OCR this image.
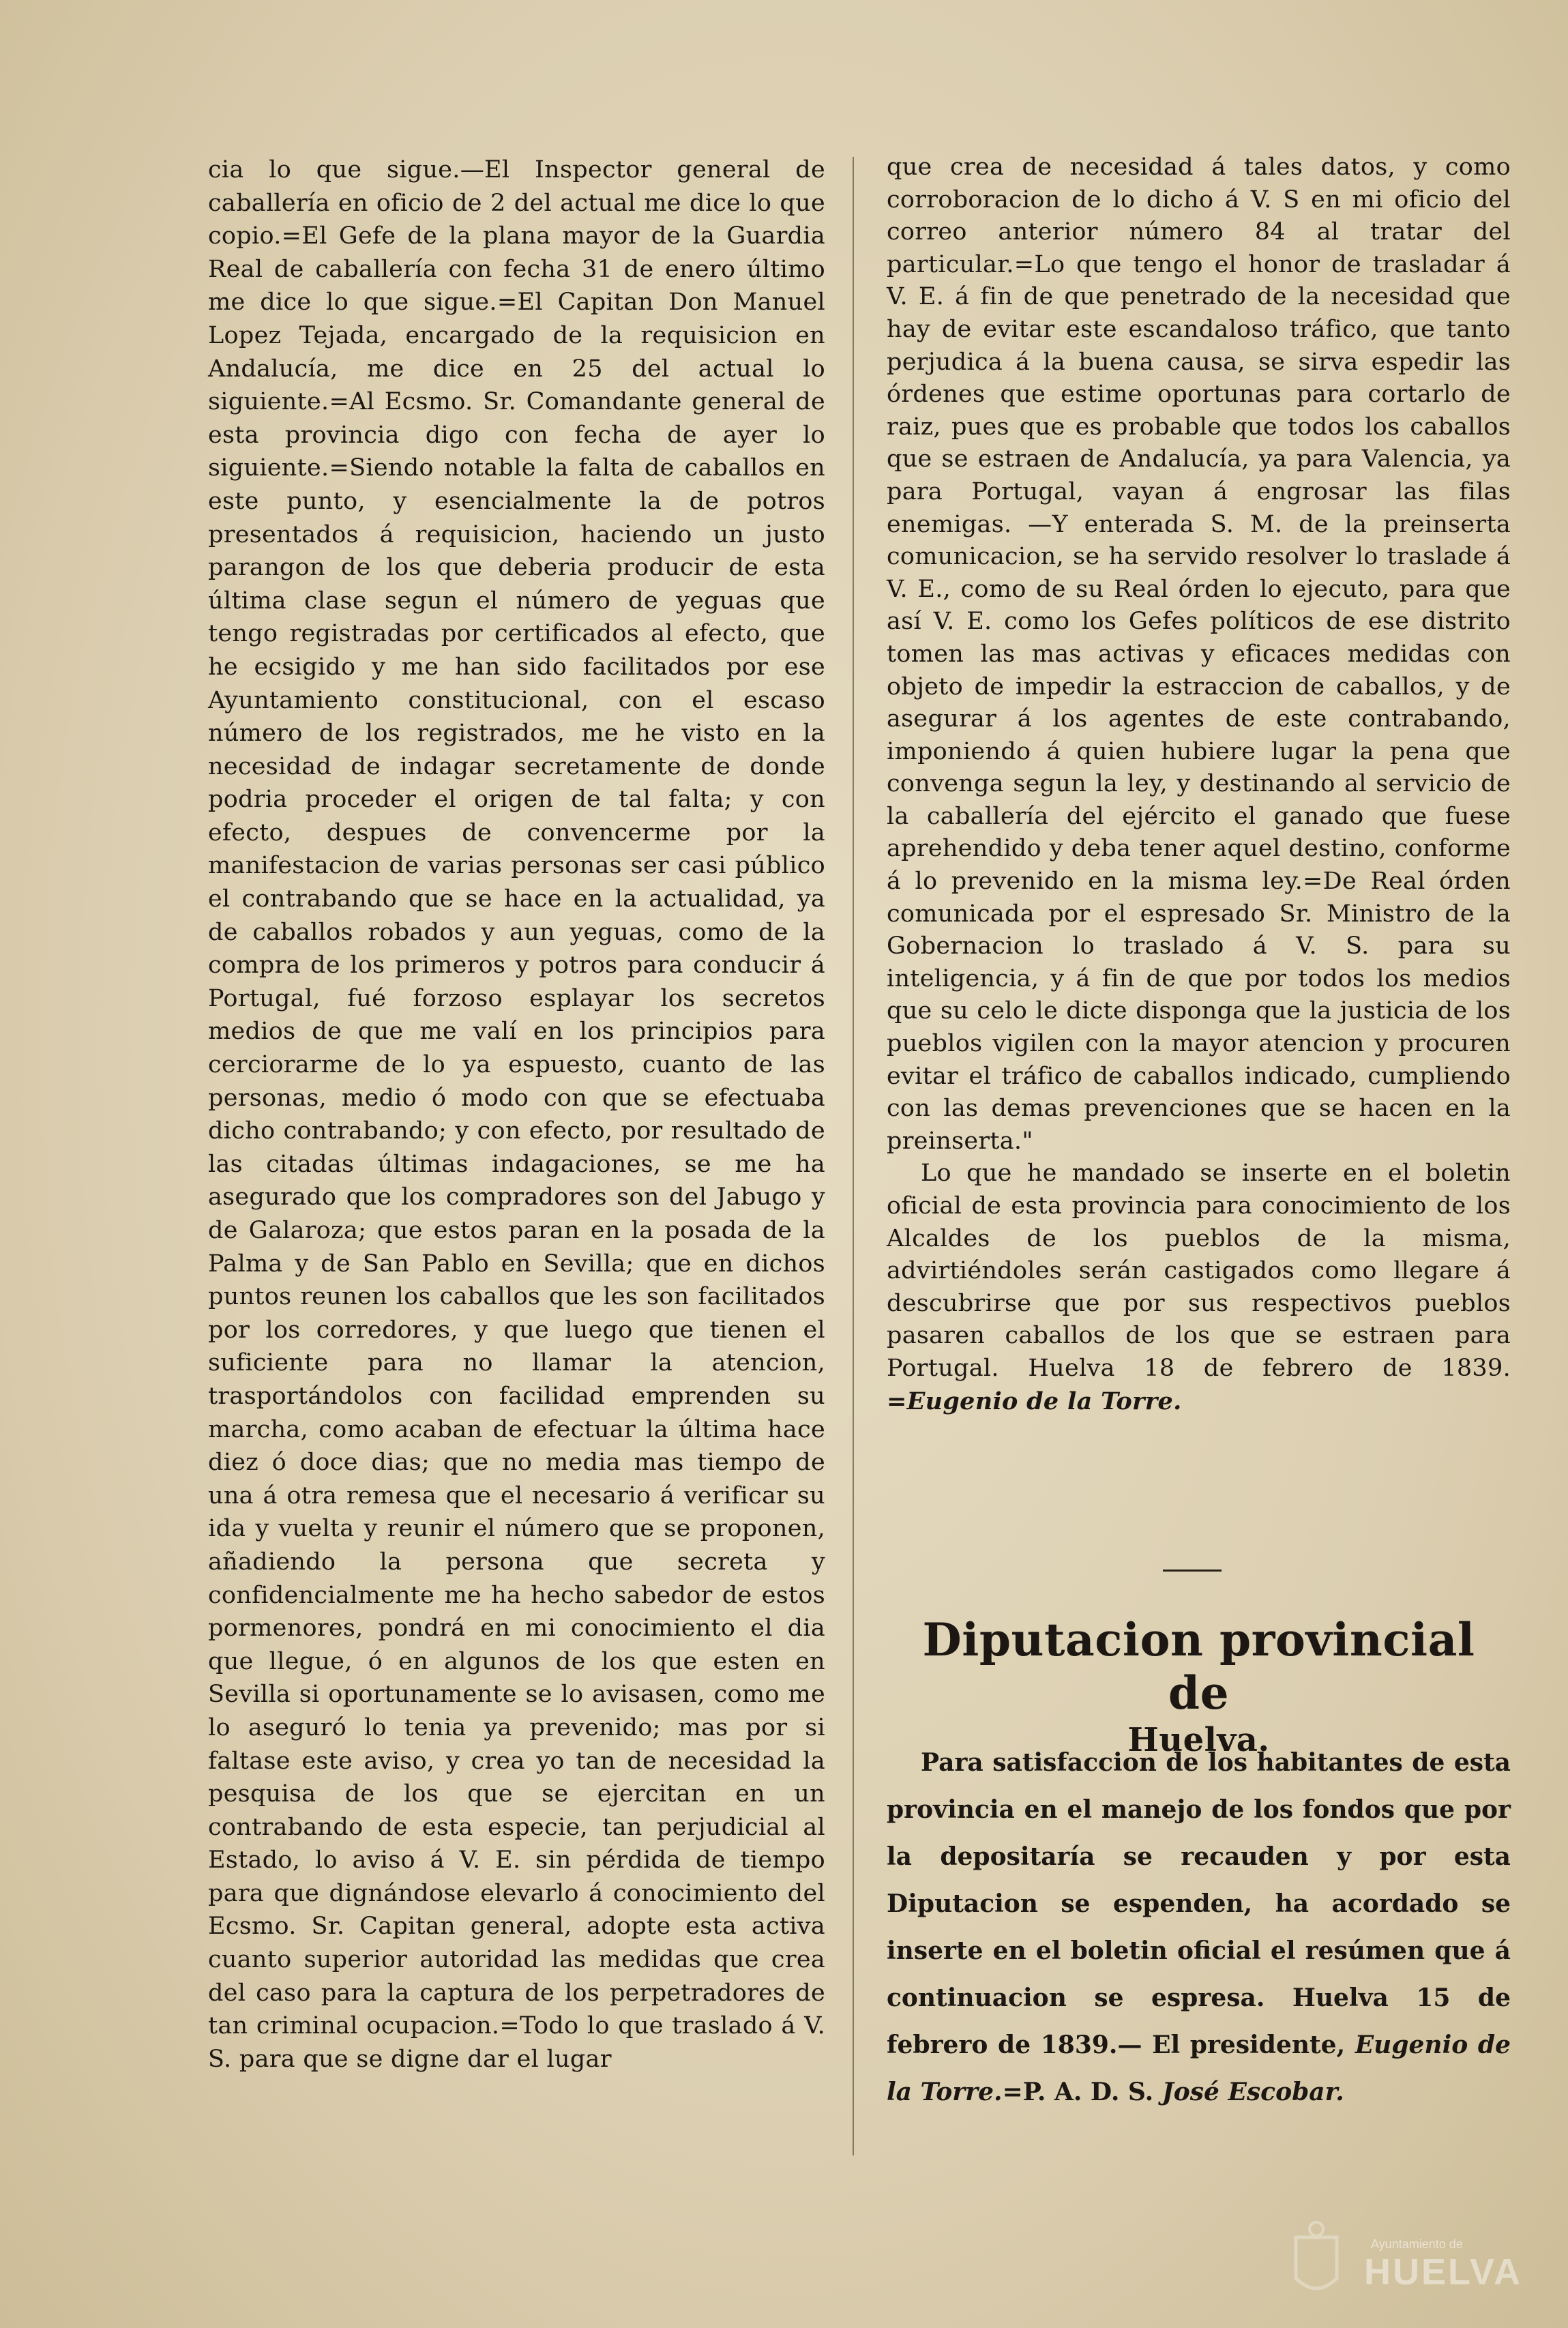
cia lo que sigue.—El Inspector general de caballería en oficio de 2 del actual me dice lo que copio.=El Gefe de la plana mayor de la Guardia Real de caballería con fecha 31 de enero último me dice lo que sigue.=El Capitan Don Manuel Lopez Tejada, encargado de la requisicion en Andalucía, me dice en 25 del actual lo siguiente.=Al Ecsmo. Sr. Comandante general de esta provincia digo con fecha de ayer lo siguiente.=Siendo notable la falta de caballos en este punto, y esencialmente la de potros presentados á requisicion, haciendo un justo parangon de los que deberia producir de esta última clase segun el número de yeguas que tengo registradas por certificados al efecto, que he ecsigido y me han sido facilitados por ese Ayuntamiento constitucional, con el escaso número de los registrados, me he visto en la necesidad de indagar secretamente de donde podria proceder el origen de tal falta; y con efecto, despues de convencerme por la manifestacion de varias personas ser casi público el contrabando que se hace en la actualidad, ya de caballos robados y aun yeguas, como de la compra de los primeros y potros para conducir á Portugal, fué forzoso esplayar los secretos medios de que me valí en los principios para cerciorarme de lo ya espuesto, cuanto de las personas, medio ó modo con que se efectuaba dicho contrabando; y con efecto, por resultado de las citadas últimas indagaciones, se me ha asegurado que los compradores son del Jabugo y de Galaroza; que estos paran en la posada de la Palma y de San Pablo en Sevilla; que en dichos puntos reunen los caballos que les son facilitados por los corredores, y que luego que tienen el suficiente para no llamar la atencion, trasportándolos con facilidad emprenden su marcha, como acaban de efectuar la última hace diez ó doce dias; que no media mas tiempo de una á otra remesa que el necesario á verificar su ida y vuelta y reunir el número que se proponen, añadiendo la persona que secreta y confidencialmente me ha hecho sabedor de estos pormenores, pondrá en mi conocimiento el dia que llegue, ó en algunos de los que esten en Sevilla si oportunamente se lo avisasen, como me lo aseguró lo tenia ya prevenido; mas por si faltase este aviso, y crea yo tan de necesidad la pesquisa de los que se ejercitan en un contrabando de esta especie, tan perjudicial al Estado, lo aviso á V. E. sin pérdida de tiempo para que dignándose elevarlo á conocimiento del Ecsmo. Sr. Capitan general, adopte esta activa cuanto superior autoridad las medidas que crea del caso para la captura de los perpetradores de tan criminal ocupacion.=Todo lo que traslado á V. S. para que se digne dar el lugar

que crea de necesidad á tales datos, y como corroboracion de lo dicho á V. S en mi oficio del correo anterior número 84 al tratar del particular.=Lo que tengo el honor de trasladar á V. E. á fin de que penetrado de la necesidad que hay de evitar este escandaloso tráfico, que tanto perjudica á la buena causa, se sirva espedir las órdenes que estime oportunas para cortarlo de raiz, pues que es probable que todos los caballos que se estraen de Andalucía, ya para Valencia, ya para Portugal, vayan á engrosar las filas enemigas. —Y enterada S. M. de la preinserta comunicacion, se ha servido resolver lo traslade á V. E., como de su Real órden lo ejecuto, para que así V. E. como los Gefes políticos de ese distrito tomen las mas activas y eficaces medidas con objeto de impedir la estraccion de caballos, y de asegurar á los agentes de este contrabando, imponiendo á quien hubiere lugar la pena que convenga segun la ley, y destinando al servicio de la caballería del ejército el ganado que fuese aprehendido y deba tener aquel destino, conforme á lo prevenido en la misma ley.=De Real órden comunicada por el espresado Sr. Ministro de la Gobernacion lo traslado á V. S. para su inteligencia, y á fin de que por todos los medios que su celo le dicte disponga que la justicia de los pueblos vigilen con la mayor atencion y procuren evitar el tráfico de caballos indicado, cumpliendo con las demas prevenciones que se hacen en la preinserta."

Lo que he mandado se inserte en el boletin oficial de esta provincia para conocimiento de los Alcaldes de los pueblos de la misma, advirtiéndoles serán castigados como llegare á descubrirse que por sus respectivos pueblos pasaren caballos de los que se estraen para Portugal. Huelva 18 de febrero de 1839. =Eugenio de la Torre.

Diputacion provincial de
Huelva.
Para satisfaccion de los habitantes de esta provincia en el manejo de los fondos que por la depositaría se recauden y por esta Diputacion se espenden, ha acordado se inserte en el boletin oficial el resúmen que á continuacion se espresa. Huelva 15 de febrero de 1839.— El presidente, Eugenio de la Torre.=P. A. D. S. José Escobar.
Ayuntamiento de
HUELVA
